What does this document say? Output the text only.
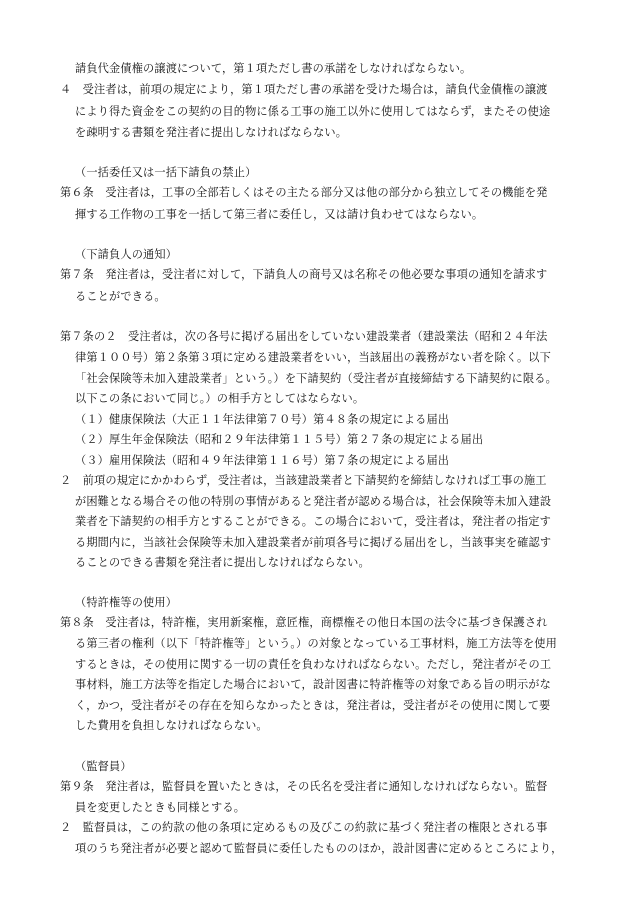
請負代金債権の譲渡について，第１項ただし書の承諾をしなければならない。
４　受注者は，前項の規定により，第１項ただし書の承諾を受けた場合は，請負代金債権の譲渡
により得た資金をこの契約の目的物に係る工事の施工以外に使用してはならず，またその使途
を疎明する書類を発注者に提出しなければならない。
（一括委任又は一括下請負の禁止）
第６条　受注者は，工事の全部若しくはその主たる部分又は他の部分から独立してその機能を発
揮する工作物の工事を一括して第三者に委任し，又は請け負わせてはならない。
（下請負人の通知）
第７条　発注者は，受注者に対して，下請負人の商号又は名称その他必要な事項の通知を請求す
ることができる。
第７条の２　受注者は，次の各号に掲げる届出をしていない建設業者（建設業法（昭和２４年法
律第１００号）第２条第３項に定める建設業者をいい，当該届出の義務がない者を除く。以下
「社会保険等未加入建設業者」という。）を下請契約（受注者が直接締結する下請契約に限る。
以下この条において同じ。）の相手方としてはならない。
（１）健康保険法（大正１１年法律第７０号）第４８条の規定による届出
（２）厚生年金保険法（昭和２９年法律第１１５号）第２７条の規定による届出
（３）雇用保険法（昭和４９年法律第１１６号）第７条の規定による届出
２　前項の規定にかかわらず，受注者は，当該建設業者と下請契約を締結しなければ工事の施工
が困難となる場合その他の特別の事情があると発注者が認める場合は，社会保険等未加入建設
業者を下請契約の相手方とすることができる。この場合において，受注者は，発注者の指定す
る期間内に，当該社会保険等未加入建設業者が前項各号に掲げる届出をし，当該事実を確認す
ることのできる書類を発注者に提出しなければならない。
（特許権等の使用）
第８条　受注者は，特許権，実用新案権，意匠権，商標権その他日本国の法令に基づき保護され
る第三者の権利（以下「特許権等」という。）の対象となっている工事材料，施工方法等を使用
するときは，その使用に関する一切の責任を負わなければならない。ただし，発注者がその工
事材料，施工方法等を指定した場合において，設計図書に特許権等の対象である旨の明示がな
く，かつ，受注者がその存在を知らなかったときは，発注者は，受注者がその使用に関して要
した費用を負担しなければならない。
（監督員）
第９条　発注者は，監督員を置いたときは，その氏名を受注者に通知しなければならない。監督
員を変更したときも同様とする。
２　監督員は，この約款の他の条項に定めるもの及びこの約款に基づく発注者の権限とされる事
項のうち発注者が必要と認めて監督員に委任したもののほか，設計図書に定めるところにより，
